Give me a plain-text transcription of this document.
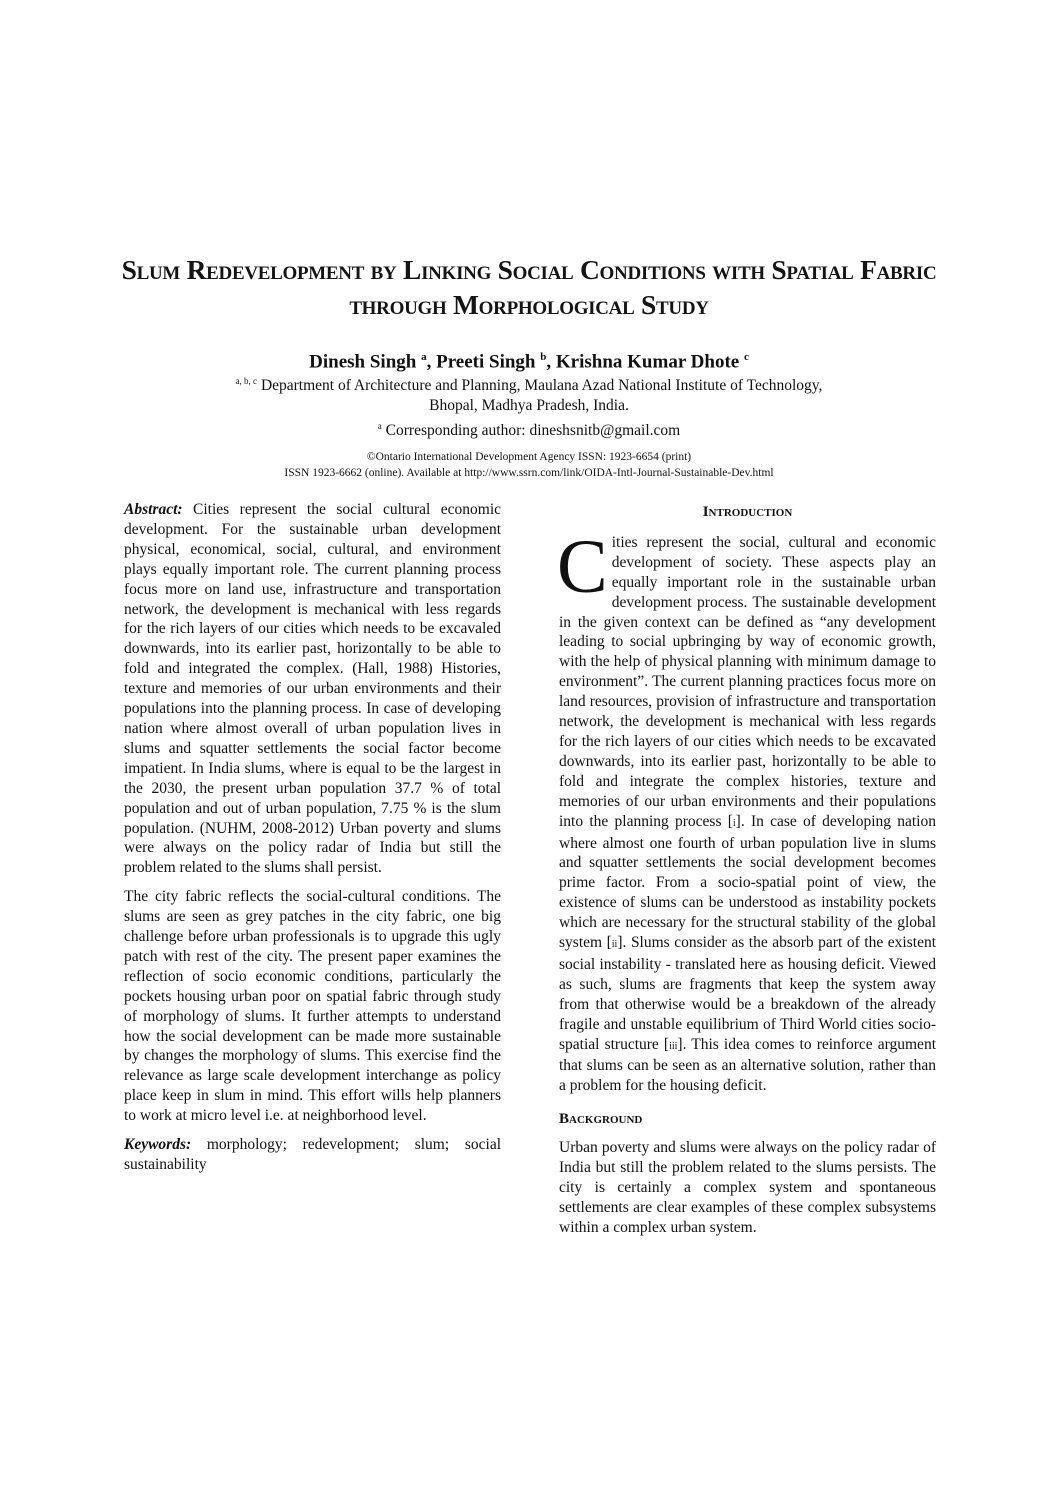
Slum Redevelopment by Linking Social Conditions with Spatial Fabric through Morphological Study
Dinesh Singh $^a$, Preeti Singh $^b$, Krishna Kumar Dhote $^c$
$^{a, b, c}$ Department of Architecture and Planning, Maulana Azad National Institute of Technology,
Bhopal, Madhya Pradesh, India.
$^a$ Corresponding author: dineshsnitb@gmail.com
©Ontario International Development Agency ISSN: 1923-6654 (print)
ISSN 1923-6662 (online). Available at http://www.ssrn.com/link/OIDA-Intl-Journal-Sustainable-Dev.html

Abstract: Cities represent the social cultural economic development. For the sustainable urban development physical, economical, social, cultural, and environment plays equally important role. The current planning process focus more on land use, infrastructure and transportation network, the development is mechanical with less regards for the rich layers of our cities which needs to be excavaled downwards, into its earlier past, horizontally to be able to fold and integrated the complex. (Hall, 1988) Histories, texture and memories of our urban environments and their populations into the planning process. In case of developing nation where almost overall of urban population lives in slums and squatter settlements the social factor become impatient. In India slums, where is equal to be the largest in the 2030, the present urban population 37.7 % of total population and out of urban population, 7.75 % is the slum population. (NUHM, 2008-2012) Urban poverty and slums were always on the policy radar of India but still the problem related to the slums shall persist.

The city fabric reflects the social-cultural conditions. The slums are seen as grey patches in the city fabric, one big challenge before urban professionals is to upgrade this ugly patch with rest of the city. The present paper examines the reflection of socio economic conditions, particularly the pockets housing urban poor on spatial fabric through study of morphology of slums. It further attempts to understand how the social development can be made more sustainable by changes the morphology of slums. This exercise find the relevance as large scale development interchange as policy place keep in slum in mind. This effort wills help planners to work at micro level i.e. at neighborhood level.

Keywords: morphology; redevelopment; slum; social sustainability

Introduction

Cities represent the social, cultural and economic development of society. These aspects play an equally important role in the sustainable urban development process. The sustainable development in the given context can be defined as “any development leading to social upbringing by way of economic growth, with the help of physical planning with minimum damage to environment”. The current planning practices focus more on land resources, provision of infrastructure and transportation network, the development is mechanical with less regards for the rich layers of our cities which needs to be excavated downwards, into its earlier past, horizontally to be able to fold and integrate the complex histories, texture and memories of our urban environments and their populations into the planning process [i]. In case of developing nation where almost one fourth of urban population live in slums and squatter settlements the social development becomes prime factor. From a socio-spatial point of view, the existence of slums can be understood as instability pockets which are necessary for the structural stability of the global system [ii]. Slums consider as the absorb part of the existent social instability - translated here as housing deficit. Viewed as such, slums are fragments that keep the system away from that otherwise would be a breakdown of the already fragile and unstable equilibrium of Third World cities socio-spatial structure [iii]. This idea comes to reinforce argument that slums can be seen as an alternative solution, rather than a problem for the housing deficit.

Background

Urban poverty and slums were always on the policy radar of India but still the problem related to the slums persists. The city is certainly a complex system and spontaneous settlements are clear examples of these complex subsystems within a complex urban system.
